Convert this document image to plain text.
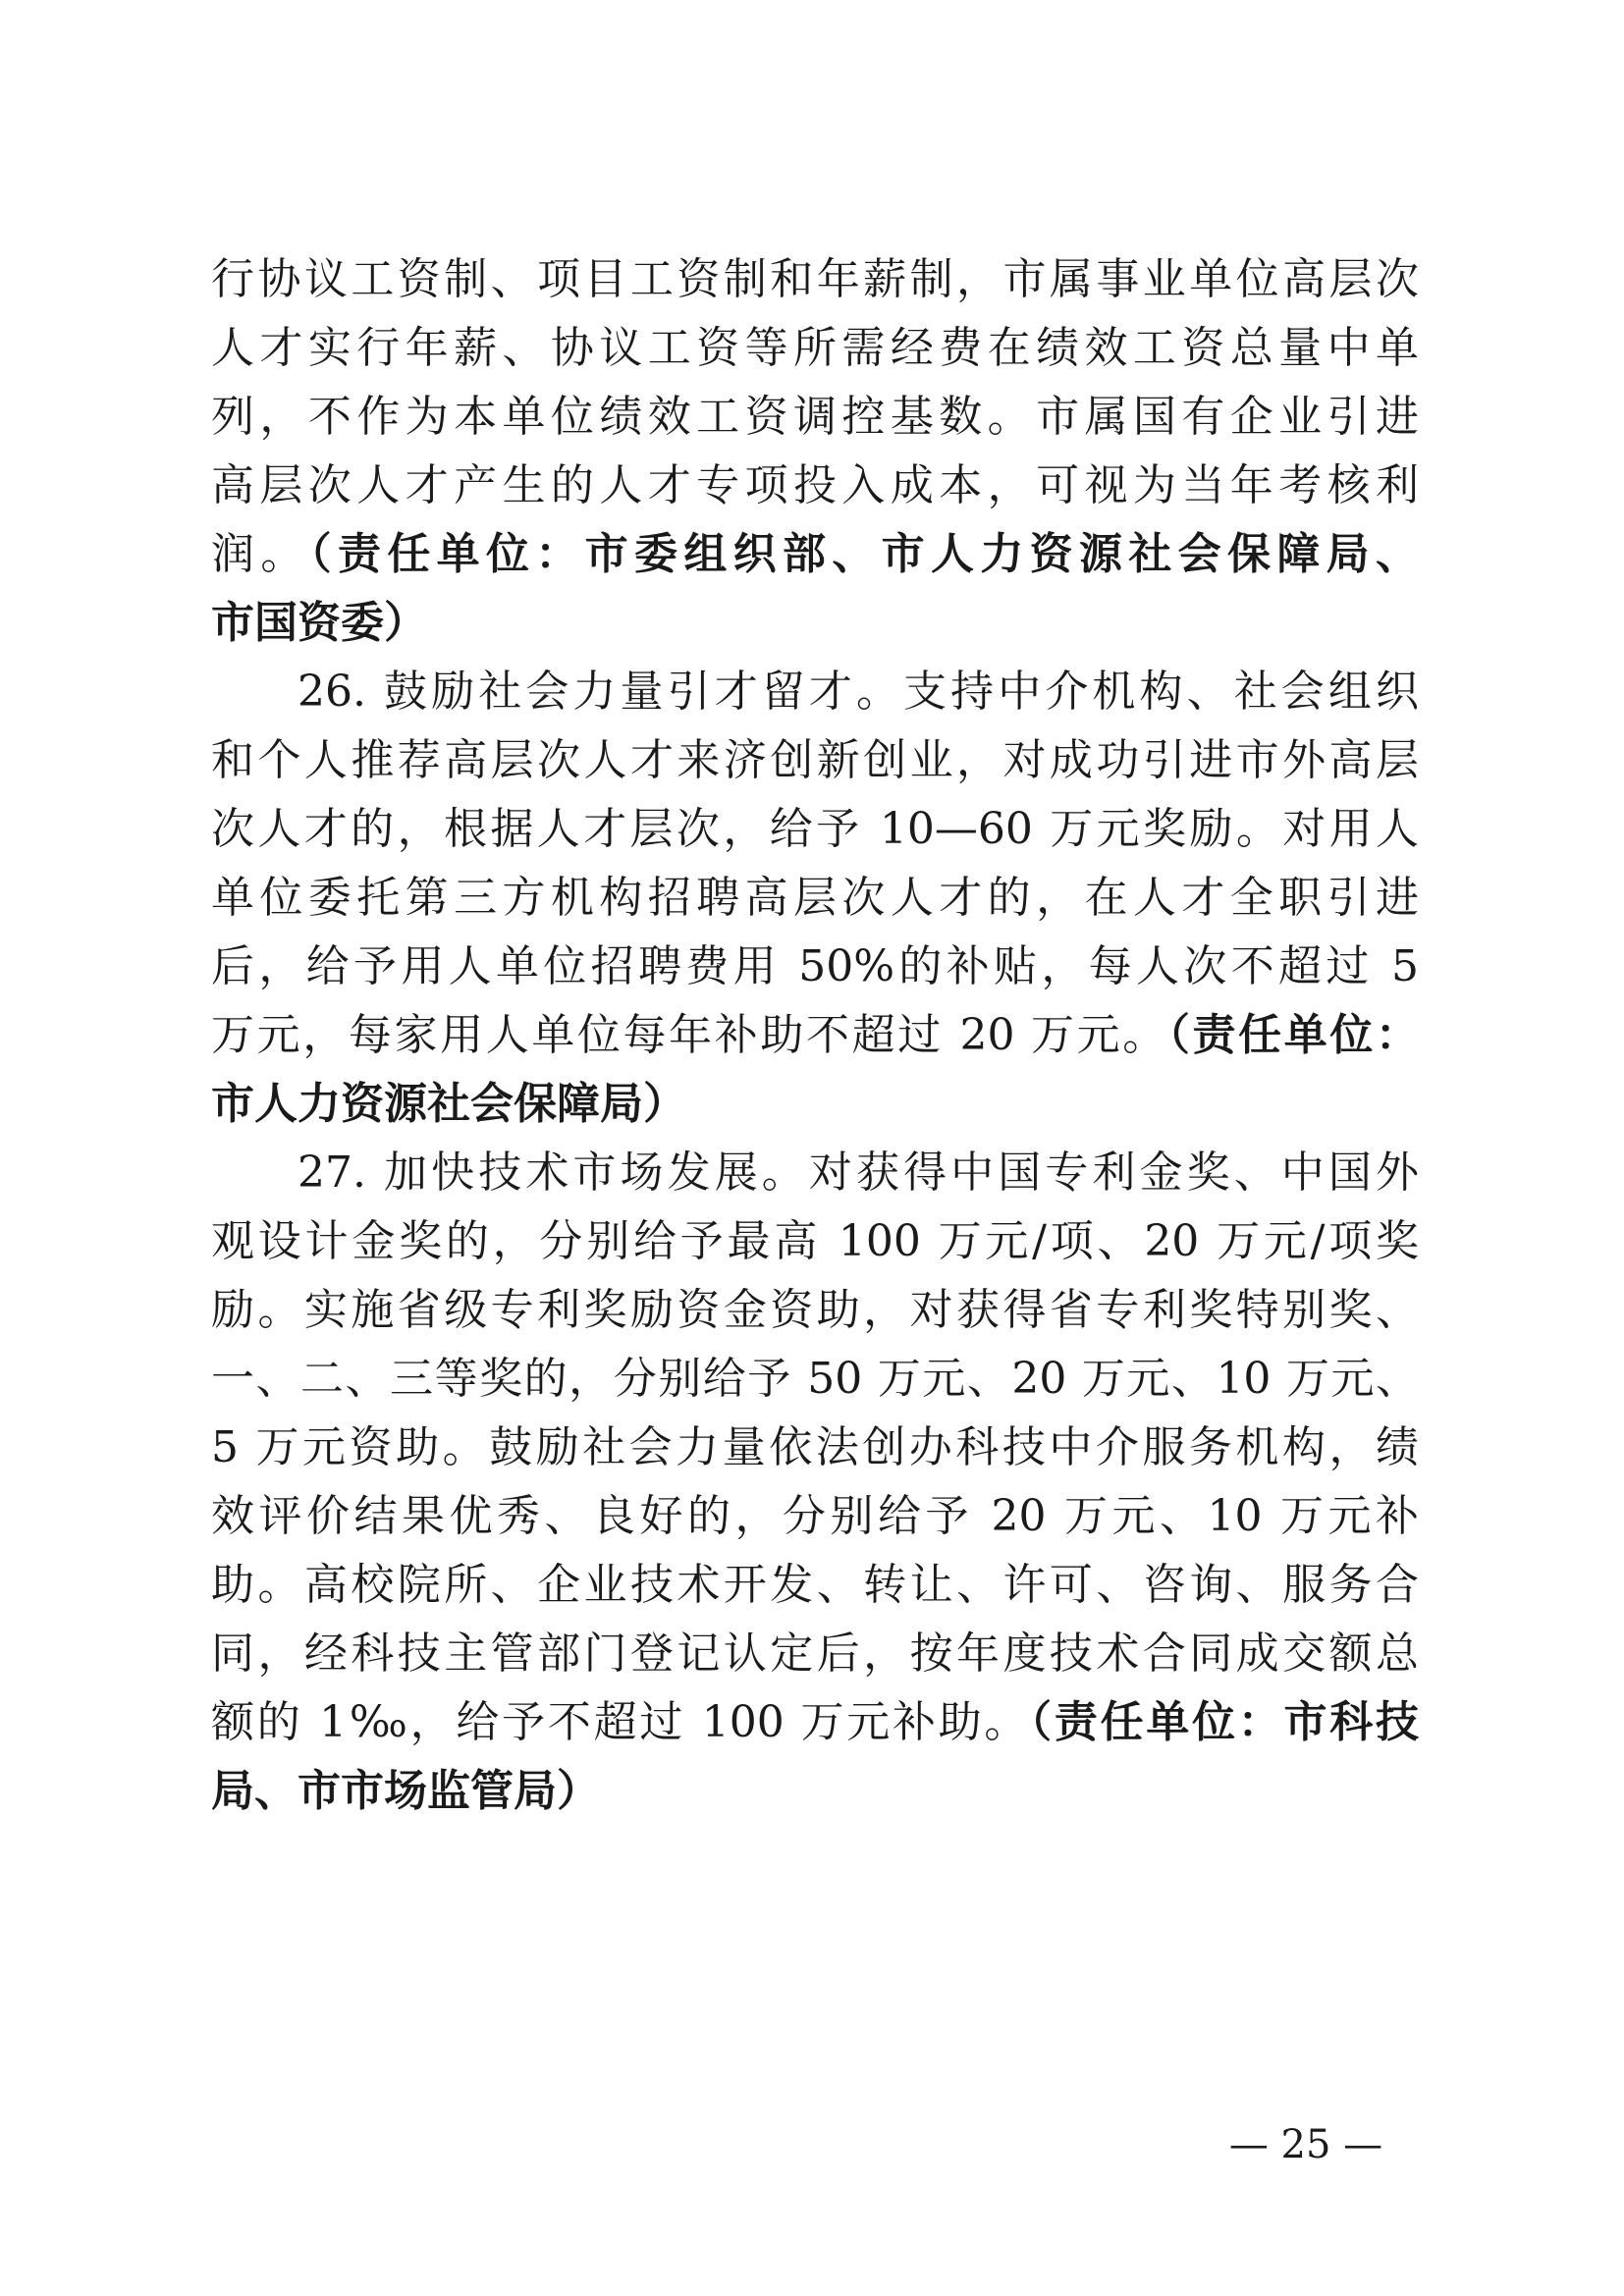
行协议工资制、项目工资制和年薪制，市属事业单位高层次
人才实行年薪、协议工资等所需经费在绩效工资总量中单
列，不作为本单位绩效工资调控基数。市属国有企业引进
高层次人才产生的人才专项投入成本，可视为当年考核利
润。（责任单位：市委组织部、市人力资源社会保障局、
市国资委）
26. 鼓励社会力量引才留才。支持中介机构、社会组织
和个人推荐高层次人才来济创新创业，对成功引进市外高层
次人才的，根据人才层次，给予 10—60 万元奖励。对用人
单位委托第三方机构招聘高层次人才的，在人才全职引进
后，给予用人单位招聘费用 50%的补贴，每人次不超过 5
万元，每家用人单位每年补助不超过 20 万元。（责任单位：
市人力资源社会保障局）
27. 加快技术市场发展。对获得中国专利金奖、中国外
观设计金奖的，分别给予最高 100 万元/项、20 万元/项奖
励。实施省级专利奖励资金资助，对获得省专利奖特别奖、
一、二、三等奖的，分别给予 50 万元、20 万元、10 万元、
5 万元资助。鼓励社会力量依法创办科技中介服务机构，绩
效评价结果优秀、良好的，分别给予 20 万元、10 万元补
助。高校院所、企业技术开发、转让、许可、咨询、服务合
同，经科技主管部门登记认定后，按年度技术合同成交额总
额的 1‰，给予不超过 100 万元补助。（责任单位：市科技
局、市市场监管局）
— 25 —
